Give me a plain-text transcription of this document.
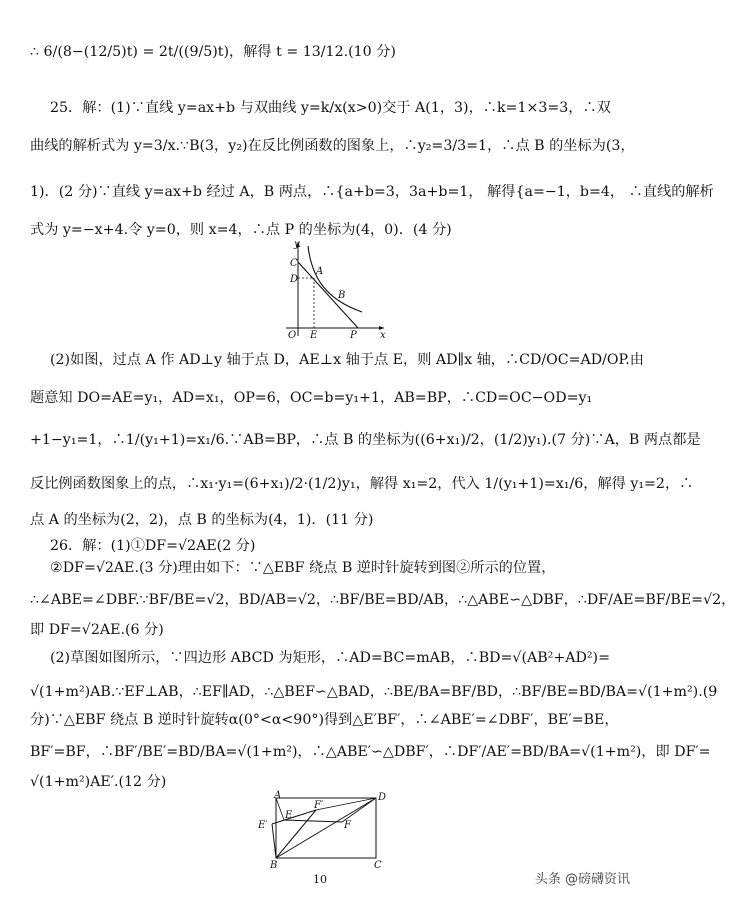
∴ 6/(8−(12/5)t) = 2t/((9/5)t)，解得 t = 13/12.(10 分)
25．解：(1)∵直线 y=ax+b 与双曲线 y=k/x(x>0)交于 A(1，3)，∴k=1×3=3，∴双
曲线的解析式为 y=3/x.∵B(3，y₂)在反比例函数的图象上，∴y₂=3/3=1，∴点 B 的坐标为(3，
1)．(2 分)∵直线 y=ax+b 经过 A，B 两点，∴{a+b=3，3a+b=1， 解得{a=−1，b=4， ∴直线的解析
式为 y=−x+4.令 y=0，则 x=4，∴点 P 的坐标为(4，0)．(4 分)
y
x
O E	P
C
D
A
B
(2)如图，过点 A 作 AD⊥y 轴于点 D，AE⊥x 轴于点 E，则 AD∥x 轴，∴CD/OC=AD/OP.由
题意知 DO=AE=y₁，AD=x₁，OP=6，OC=b=y₁+1，AB=BP，∴CD=OC−OD=y₁
+1−y₁=1，∴1/(y₁+1)=x₁/6.∵AB=BP，∴点 B 的坐标为((6+x₁)/2，(1/2)y₁).(7 分)∵A，B 两点都是
反比例函数图象上的点，∴x₁·y₁=(6+x₁)/2·(1/2)y₁，解得 x₁=2，代入 1/(y₁+1)=x₁/6，解得 y₁=2，∴
点 A 的坐标为(2，2)，点 B 的坐标为(4，1)．(11 分)
26．解：(1)①DF=√2AE(2 分)
②DF=√2AE.(3 分)理由如下：∵△EBF 绕点 B 逆时针旋转到图②所示的位置，
∴∠ABE=∠DBF.∵BF/BE=√2，BD/AB=√2，∴BF/BE=BD/AB，∴△ABE∽△DBF，∴DF/AE=BF/BE=√2，
即 DF=√2AE.(6 分)
(2)草图如图所示，∵四边形 ABCD 为矩形，∴AD=BC=mAB，∴BD=√(AB²+AD²)=
√(1+m²)AB.∵EF⊥AB，∴EF∥AD，∴△BEF∽△BAD，∴BE/BA=BF/BD，∴BF/BE=BD/BA=√(1+m²).(9
分)∵△EBF 绕点 B 逆时针旋转α(0°<α<90°)得到△E′BF′，∴∠ABE′=∠DBF′，BE′=BE，
BF′=BF，∴BF′/BE′=BD/BA=√(1+m²)，∴△ABE′∽△DBF′，∴DF′/AE′=BD/BA=√(1+m²)，即 DF′=
√(1+m²)AE′.(12 分)
A	D
E
E′	F
F′
B	C
10	头条 @磅礴资讯
